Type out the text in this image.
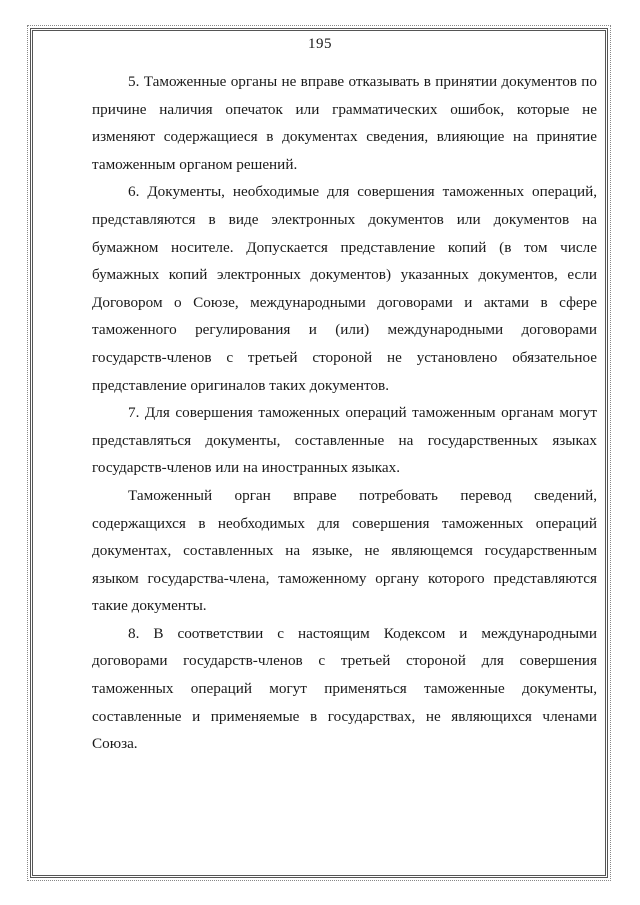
195

5. Таможенные органы не вправе отказывать в принятии документов по причине наличия опечаток или грамматических ошибок, которые не изменяют содержащиеся в документах сведения, влияющие на принятие таможенным органом решений.

6. Документы, необходимые для совершения таможенных операций, представляются в виде электронных документов или документов на бумажном носителе. Допускается представление копий (в том числе бумажных копий электронных документов) указанных документов, если Договором о Союзе, международными договорами и актами в сфере таможенного регулирования и (или) международными договорами государств-членов с третьей стороной не установлено обязательное представление оригиналов таких документов.

7. Для совершения таможенных операций таможенным органам могут представляться документы, составленные на государственных языках государств-членов или на иностранных языках.

Таможенный орган вправе потребовать перевод сведений, содержащихся в необходимых для совершения таможенных операций документах, составленных на языке, не являющемся государственным языком государства-члена, таможенному органу которого представляются такие документы.

8. В соответствии с настоящим Кодексом и международными договорами государств-членов с третьей стороной для совершения таможенных операций могут применяться таможенные документы, составленные и применяемые в государствах, не являющихся членами Союза.
